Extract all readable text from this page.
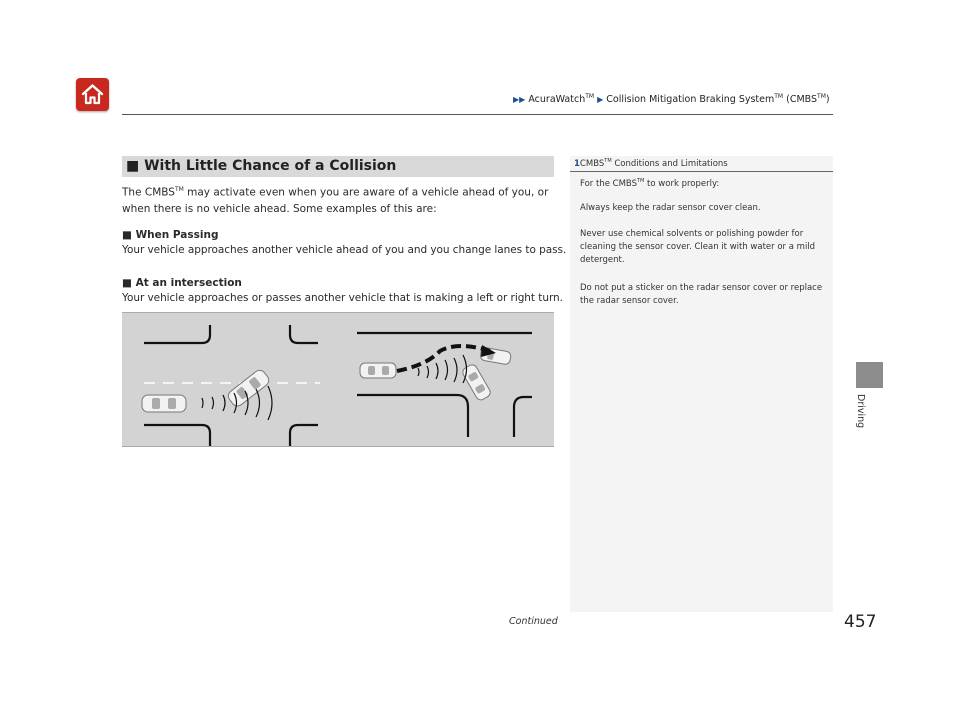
▶▶ AcuraWatch™ ▶ Collision Mitigation Braking System™ (CMBS™)
■ With Little Chance of a Collision
The CMBS™ may activate even when you are aware of a vehicle ahead of you, or when there is no vehicle ahead. Some examples of this are:
■ When Passing
Your vehicle approaches another vehicle ahead of you and you change lanes to pass.
■ At an intersection
Your vehicle approaches or passes another vehicle that is making a left or right turn.
1CMBS™ Conditions and Limitations
For the CMBS™ to work properly:
Always keep the radar sensor cover clean.
Never use chemical solvents or polishing powder for cleaning the sensor cover. Clean it with water or a mild detergent.
Do not put a sticker on the radar sensor cover or replace the radar sensor cover.
Driving
Continued	457
